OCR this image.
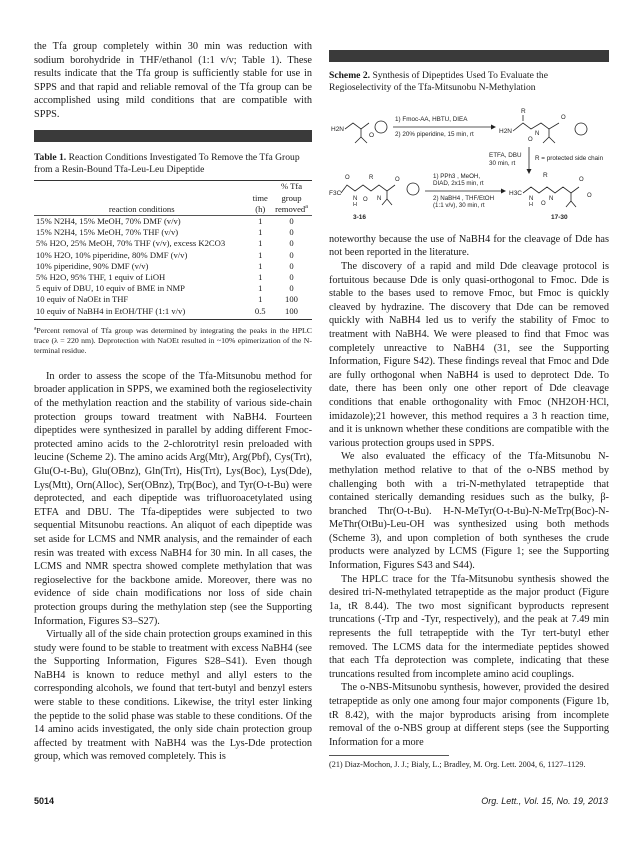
the Tfa group completely within 30 min was reduction with sodium borohydride in THF/ethanol (1:1 v/v; Table 1). These results indicate that the Tfa group is sufficiently stable for use in SPPS and that rapid and reliable removal of the Tfa group can be accomplished using mild conditions that are compatible with SPPS.

Table 1. Reaction Conditions Investigated To Remove the Tfa Group from a Resin-Bound Tfa-Leu-Leu Dipeptide
		% Tfa
	time	group
reaction conditions	(h)	removed$^a$
15% N2H4, 15% MeOH, 70% DMF (v/v)	1	0
15% N2H4, 15% MeOH, 70% THF (v/v)	1	0
5% H2O, 25% MeOH, 70% THF (v/v), excess K2CO3	1	0
10% H2O, 10% piperidine, 80% DMF (v/v)	1	0
10% piperidine, 90% DMF (v/v)	1	0
5% H2O, 95% THF, 1 equiv of LiOH	1	0
5 equiv of DBU, 10 equiv of BME in NMP	1	0
10 equiv of NaOEt in THF	1	100
10 equiv of NaBH4 in EtOH/THF (1:1 v/v)	0.5	100
$^a$Percent removal of Tfa group was determined by integrating the peaks in the HPLC trace (λ = 220 nm). Deprotection with NaOEt resulted in ~10% epimerization of the N-terminal residue.

In order to assess the scope of the Tfa-Mitsunobu method for broader application in SPPS, we examined both the regioselectivity of the methylation reaction and the stability of various side-chain protection groups toward treatment with NaBH4. Fourteen dipeptides were synthesized in parallel by adding different Fmoc-protected amino acids to the 2-chlorotrityl resin preloaded with leucine (Scheme 2). The amino acids Arg(Mtr), Arg(Pbf), Cys(Trt), Glu(O-t-Bu), Glu(OBnz), Gln(Trt), His(Trt), Lys(Boc), Lys(Dde), Lys(Mtt), Orn(Alloc), Ser(OBnz), Trp(Boc), and Tyr(O-t-Bu) were deprotected, and each dipeptide was trifluoroacetylated using ETFA and DBU. The Tfa-dipeptides were subjected to two sequential Mitsunobu reactions. An aliquot of each dipeptide was set aside for LCMS and NMR analysis, and the remainder of each resin was treated with excess NaBH4 for 30 min. In all cases, the LCMS and NMR spectra showed complete methylation that was regioselective for the backbone amide. Moreover, there was no evidence of side chain modifications nor loss of side chain protection groups during the methylation step (see the Supporting Information, Figures S3–S27).

Virtually all of the side chain protection groups examined in this study were found to be stable to treatment with excess NaBH4 (see the Supporting Information, Figures S28–S41). Even though NaBH4 is known to reduce methyl and allyl esters to the corresponding alcohols, we found that tert-butyl and benzyl esters were stable to these conditions. Likewise, the trityl ester linking the peptide to the solid phase was stable to these conditions. Of the 14 amino acids investigated, the only side chain protection group affected by treatment with NaBH4 was the Lys-Dde protection group, which was removed completely. This is

Scheme 2. Synthesis of Dipeptides Used To Evaluate the Regioselectivity of the Tfa-Mitsunobu N-Methylation
H2N
O
1) Fmoc-AA, HBTU, DIEA
2) 20% piperidine, 15 min, rt
R
H2N	N
O
O
ETFA, DBU
30 min, rt
R = protected side chain
O	R
F3C
N
H
N
O
O
3-16
1) PPh3 , MeOH,
DIAD, 2x15 min, rt
2) NaBH4 , THF/EtOH
(1:1 v/v), 30 min, rt
R
H3C
N
H
N
O
O
O
17-30

noteworthy because the use of NaBH4 for the cleavage of Dde has not been reported in the literature.

The discovery of a rapid and mild Dde cleavage protocol is fortuitous because Dde is only quasi-orthogonal to Fmoc. Dde is stable to the bases used to remove Fmoc, but Fmoc is quickly cleaved by hydrazine. The discovery that Dde can be removed quickly with NaBH4 led us to verify the stability of Fmoc to treatment with NaBH4. We were pleased to find that Fmoc was completely unreactive to NaBH4 (31, see the Supporting Information, Figure S42). These findings reveal that Fmoc and Dde are fully orthogonal when NaBH4 is used to deprotect Dde. To date, there has been only one other report of Dde cleavage conditions that enable orthogonality with Fmoc (NH2OH·HCl, imidazole);21 however, this method requires a 3 h reaction time, and it is unknown whether these conditions are compatible with the various protection groups used in SPPS.

We also evaluated the efficacy of the Tfa-Mitsunobu N-methylation method relative to that of the o-NBS method by challenging both with a tri-N-methylated tetrapeptide that contained sterically demanding residues such as the bulky, β-branched Thr(O-t-Bu). H-N-MeTyr(O-t-Bu)-N-MeTrp(Boc)-N-MeThr(OtBu)-Leu-OH was synthesized using both methods (Scheme 3), and upon completion of both syntheses the crude products were analyzed by LCMS (Figure 1; see the Supporting Information, Figures S43 and S44).

The HPLC trace for the Tfa-Mitsunobu synthesis showed the desired tri-N-methylated tetrapeptide as the major product (Figure 1a, tR 8.44). The two most significant byproducts represent truncations (-Trp and -Tyr, respectively), and the peak at 7.49 min represents the full tetrapeptide with the Tyr tert-butyl ether removed. The LCMS data for the intermediate peptides showed that each Tfa deprotection was complete, indicating that these truncations resulted from incomplete amino acid couplings.

The o-NBS-Mitsunobu synthesis, however, provided the desired tetrapeptide as only one among four major components (Figure 1b, tR 8.42), with the major byproducts arising from incomplete removal of the o-NBS group at different steps (see the Supporting Information for a more

(21) Diaz-Mochon, J. J.; Bialy, L.; Bradley, M. Org. Lett. 2004, 6, 1127–1129.
5014	Org. Lett., Vol. 15, No. 19, 2013
